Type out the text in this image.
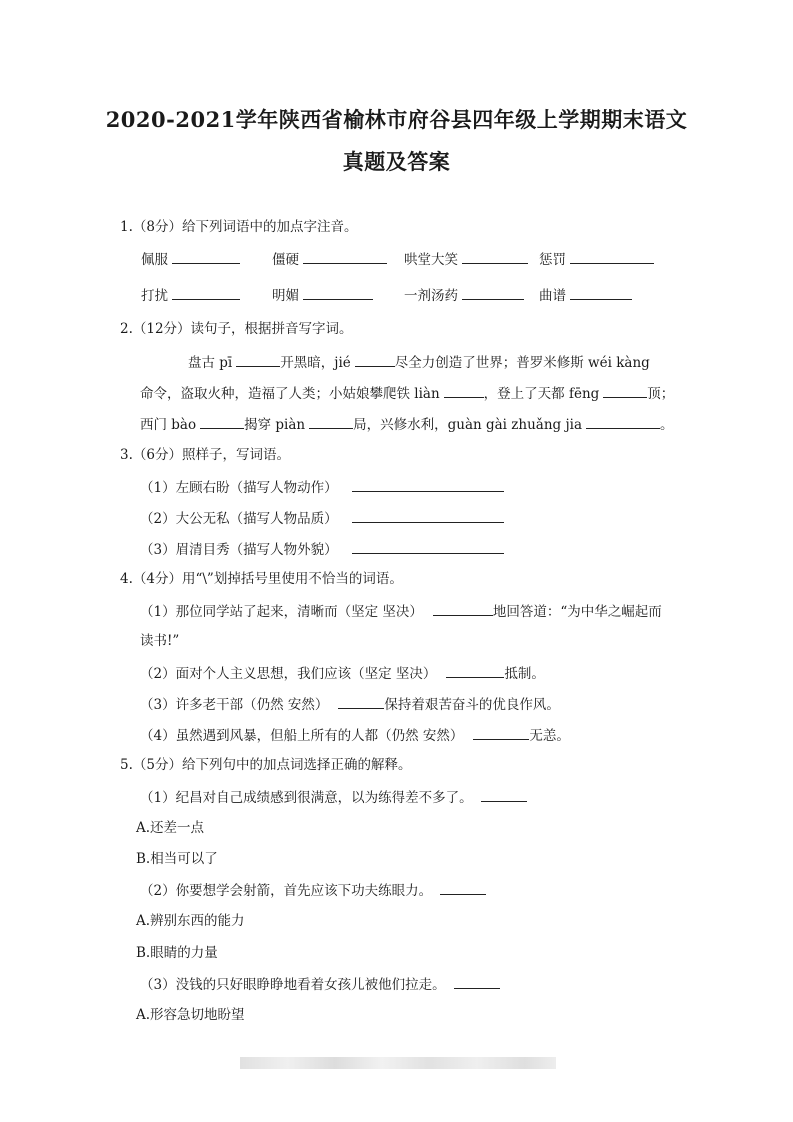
2020-2021学年陕西省榆林市府谷县四年级上学期期末语文
真题及答案
1.（8分）给下列词语中的加点字注音。
佩服	僵硬	哄堂大笑	惩罚
打扰	明媚	一剂汤药	曲谱
2.（12分）读句子，根据拼音写字词。
盘古 pī	开黑暗，jié	尽全力创造了世界；普罗米修斯 wéi kàng
命令，盗取火种，造福了人类；小姑娘攀爬铁 liàn	，登上了天都 fēng	顶；
西门 bào	揭穿 piàn	局，兴修水利，guàn gài zhuǎng jia	。
3.（6分）照样子，写词语。
（1）左顾右盼（描写人物动作）
（2）大公无私（描写人物品质）
（3）眉清目秀（描写人物外貌）
4.（4分）用“\”划掉括号里使用不恰当的词语。
（1）那位同学站了起来，清晰而（坚定 坚决）	地回答道：“为中华之崛起而
读书!”
（2）面对个人主义思想，我们应该（坚定 坚决）	抵制。
（3）许多老干部（仍然 安然）	保持着艰苦奋斗的优良作风。
（4）虽然遇到风暴，但船上所有的人都（仍然 安然）	无恙。
5.（5分）给下列句中的加点词选择正确的解释。
（1）纪昌对自己成绩感到很满意，以为练得差不多了。
A.还差一点
B.相当可以了
（2）你要想学会射箭，首先应该下功夫练眼力。
A.辨别东西的能力
B.眼睛的力量
（3）没钱的只好眼睁睁地看着女孩儿被他们拉走。
A.形容急切地盼望
